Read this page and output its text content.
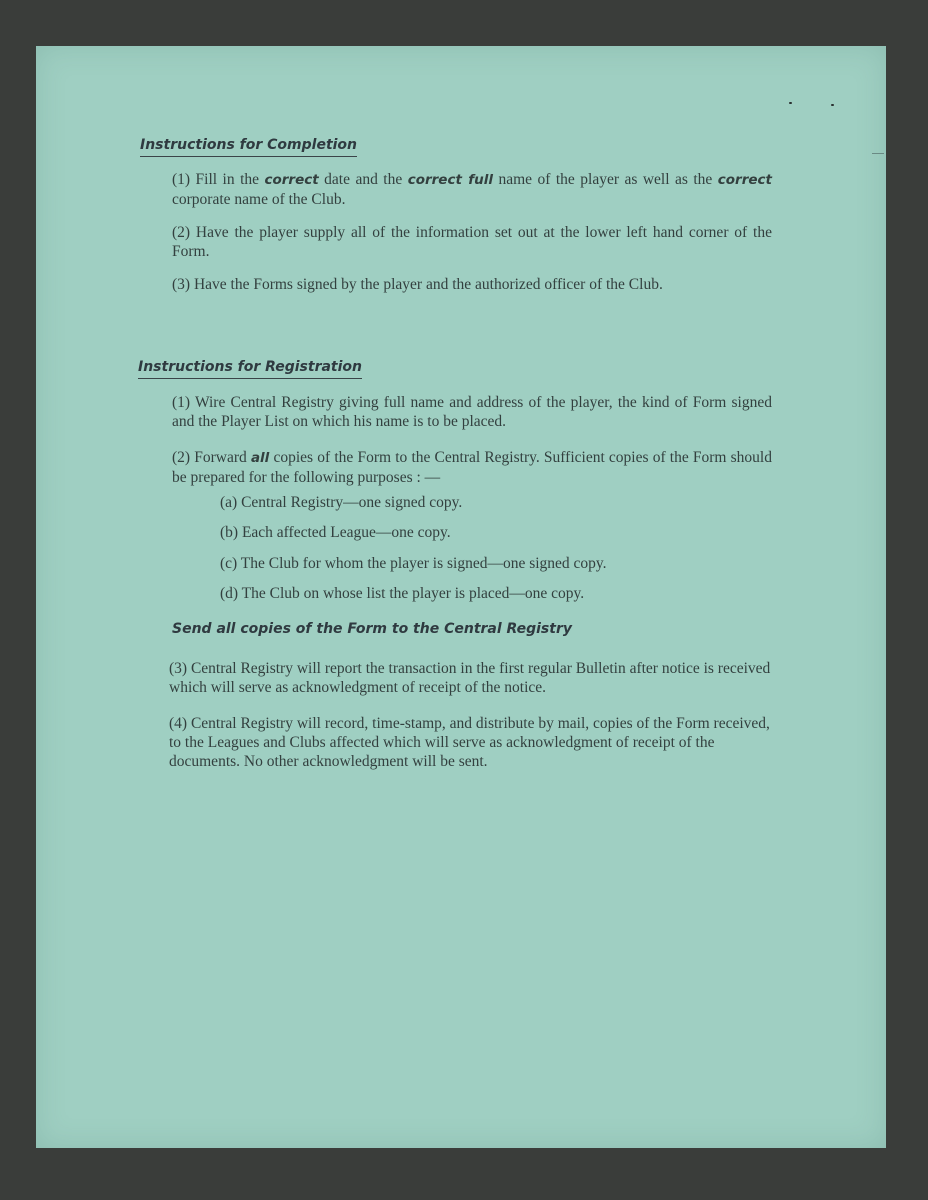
Instructions for Completion

(1) Fill in the correct date and the correct full name of the player as well as the correct corporate name of the Club.

(2) Have the player supply all of the information set out at the lower left hand corner of the Form.

(3) Have the Forms signed by the player and the authorized officer of the Club.

Instructions for Registration

(1) Wire Central Registry giving full name and address of the player, the kind of Form signed and the Player List on which his name is to be placed.

(2) Forward all copies of the Form to the Central Registry. Sufficient copies of the Form should be prepared for the following purposes : —

(a) Central Registry—one signed copy.

(b) Each affected League—one copy.

(c) The Club for whom the player is signed—one signed copy.

(d) The Club on whose list the player is placed—one copy.

Send all copies of the Form to the Central Registry

(3) Central Registry will report the transaction in the first regular Bulletin after notice is received which will serve as acknowledgment of receipt of the notice.

(4) Central Registry will record, time-stamp, and distribute by mail, copies of the Form received, to the Leagues and Clubs affected which will serve as acknowledgment of receipt of the documents. No other acknowledgment will be sent.
